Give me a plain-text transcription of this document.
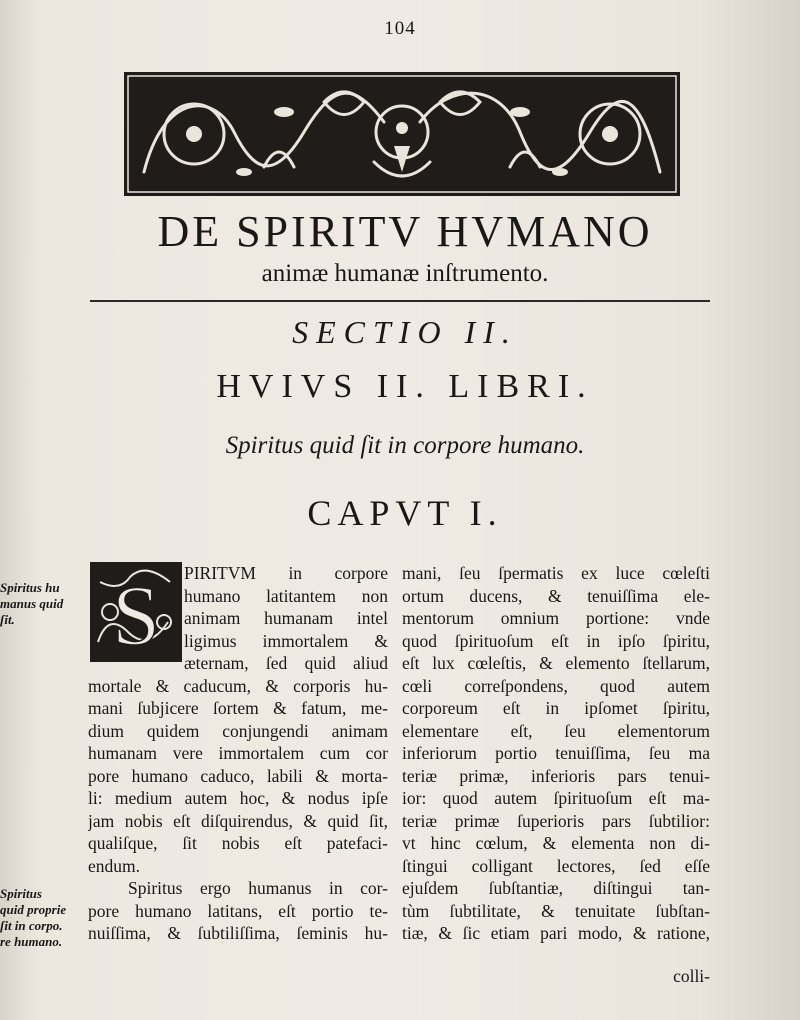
104
DE SPIRITV HVMANO
animæ humanæ inſtrumento.
SECTIO II.
HVIVS II. LIBRI.
Spiritus quid ſit in corpore humano.
CAPVT I.
Spiritus hu
manus quid
ſit.
Spiritus
quid proprie
ſit in corpo.
re humano.
S PIRITVM in corpore
humano latitantem non
animam humanam intel
ligimus immortalem &
æternam, ſed quid aliud
mortale & caducum, & corporis hu-
mani ſubjicere ſortem & fatum, me-
dium quidem conjungendi animam
humanam vere immortalem cum cor
pore humano caduco, labili & morta-
li: medium autem hoc, & nodus ipſe
jam nobis eſt diſquirendus, & quid ſit,
qualiſque, ſit nobis eſt patefaci-
endum.
Spiritus ergo humanus in cor-
pore humano latitans, eſt portio te-
nuiſſima, & ſubtiliſſima, ſeminis hu-
mani, ſeu ſpermatis ex luce cœleſti
ortum ducens, & tenuiſſima ele-
mentorum omnium portione: vnde
quod ſpirituoſum eſt in ipſo ſpiritu,
eſt lux cœleſtis, & elemento ſtellarum,
cœli correſpondens, quod autem
corporeum eſt in ipſomet ſpiritu,
elementare eſt, ſeu elementorum
inferiorum portio tenuiſſima, ſeu ma
teriæ primæ, inferioris pars tenui-
ior: quod autem ſpirituoſum eſt ma-
teriæ primæ ſuperioris pars ſubtilior:
vt hinc cœlum, & elementa non di-
ſtingui colligant lectores, ſed eſſe
ejuſdem ſubſtantiæ, diſtingui tan-
tùm ſubtilitate, & tenuitate ſubſtan-
tiæ, & ſic etiam pari modo, & ratione,
colli-
